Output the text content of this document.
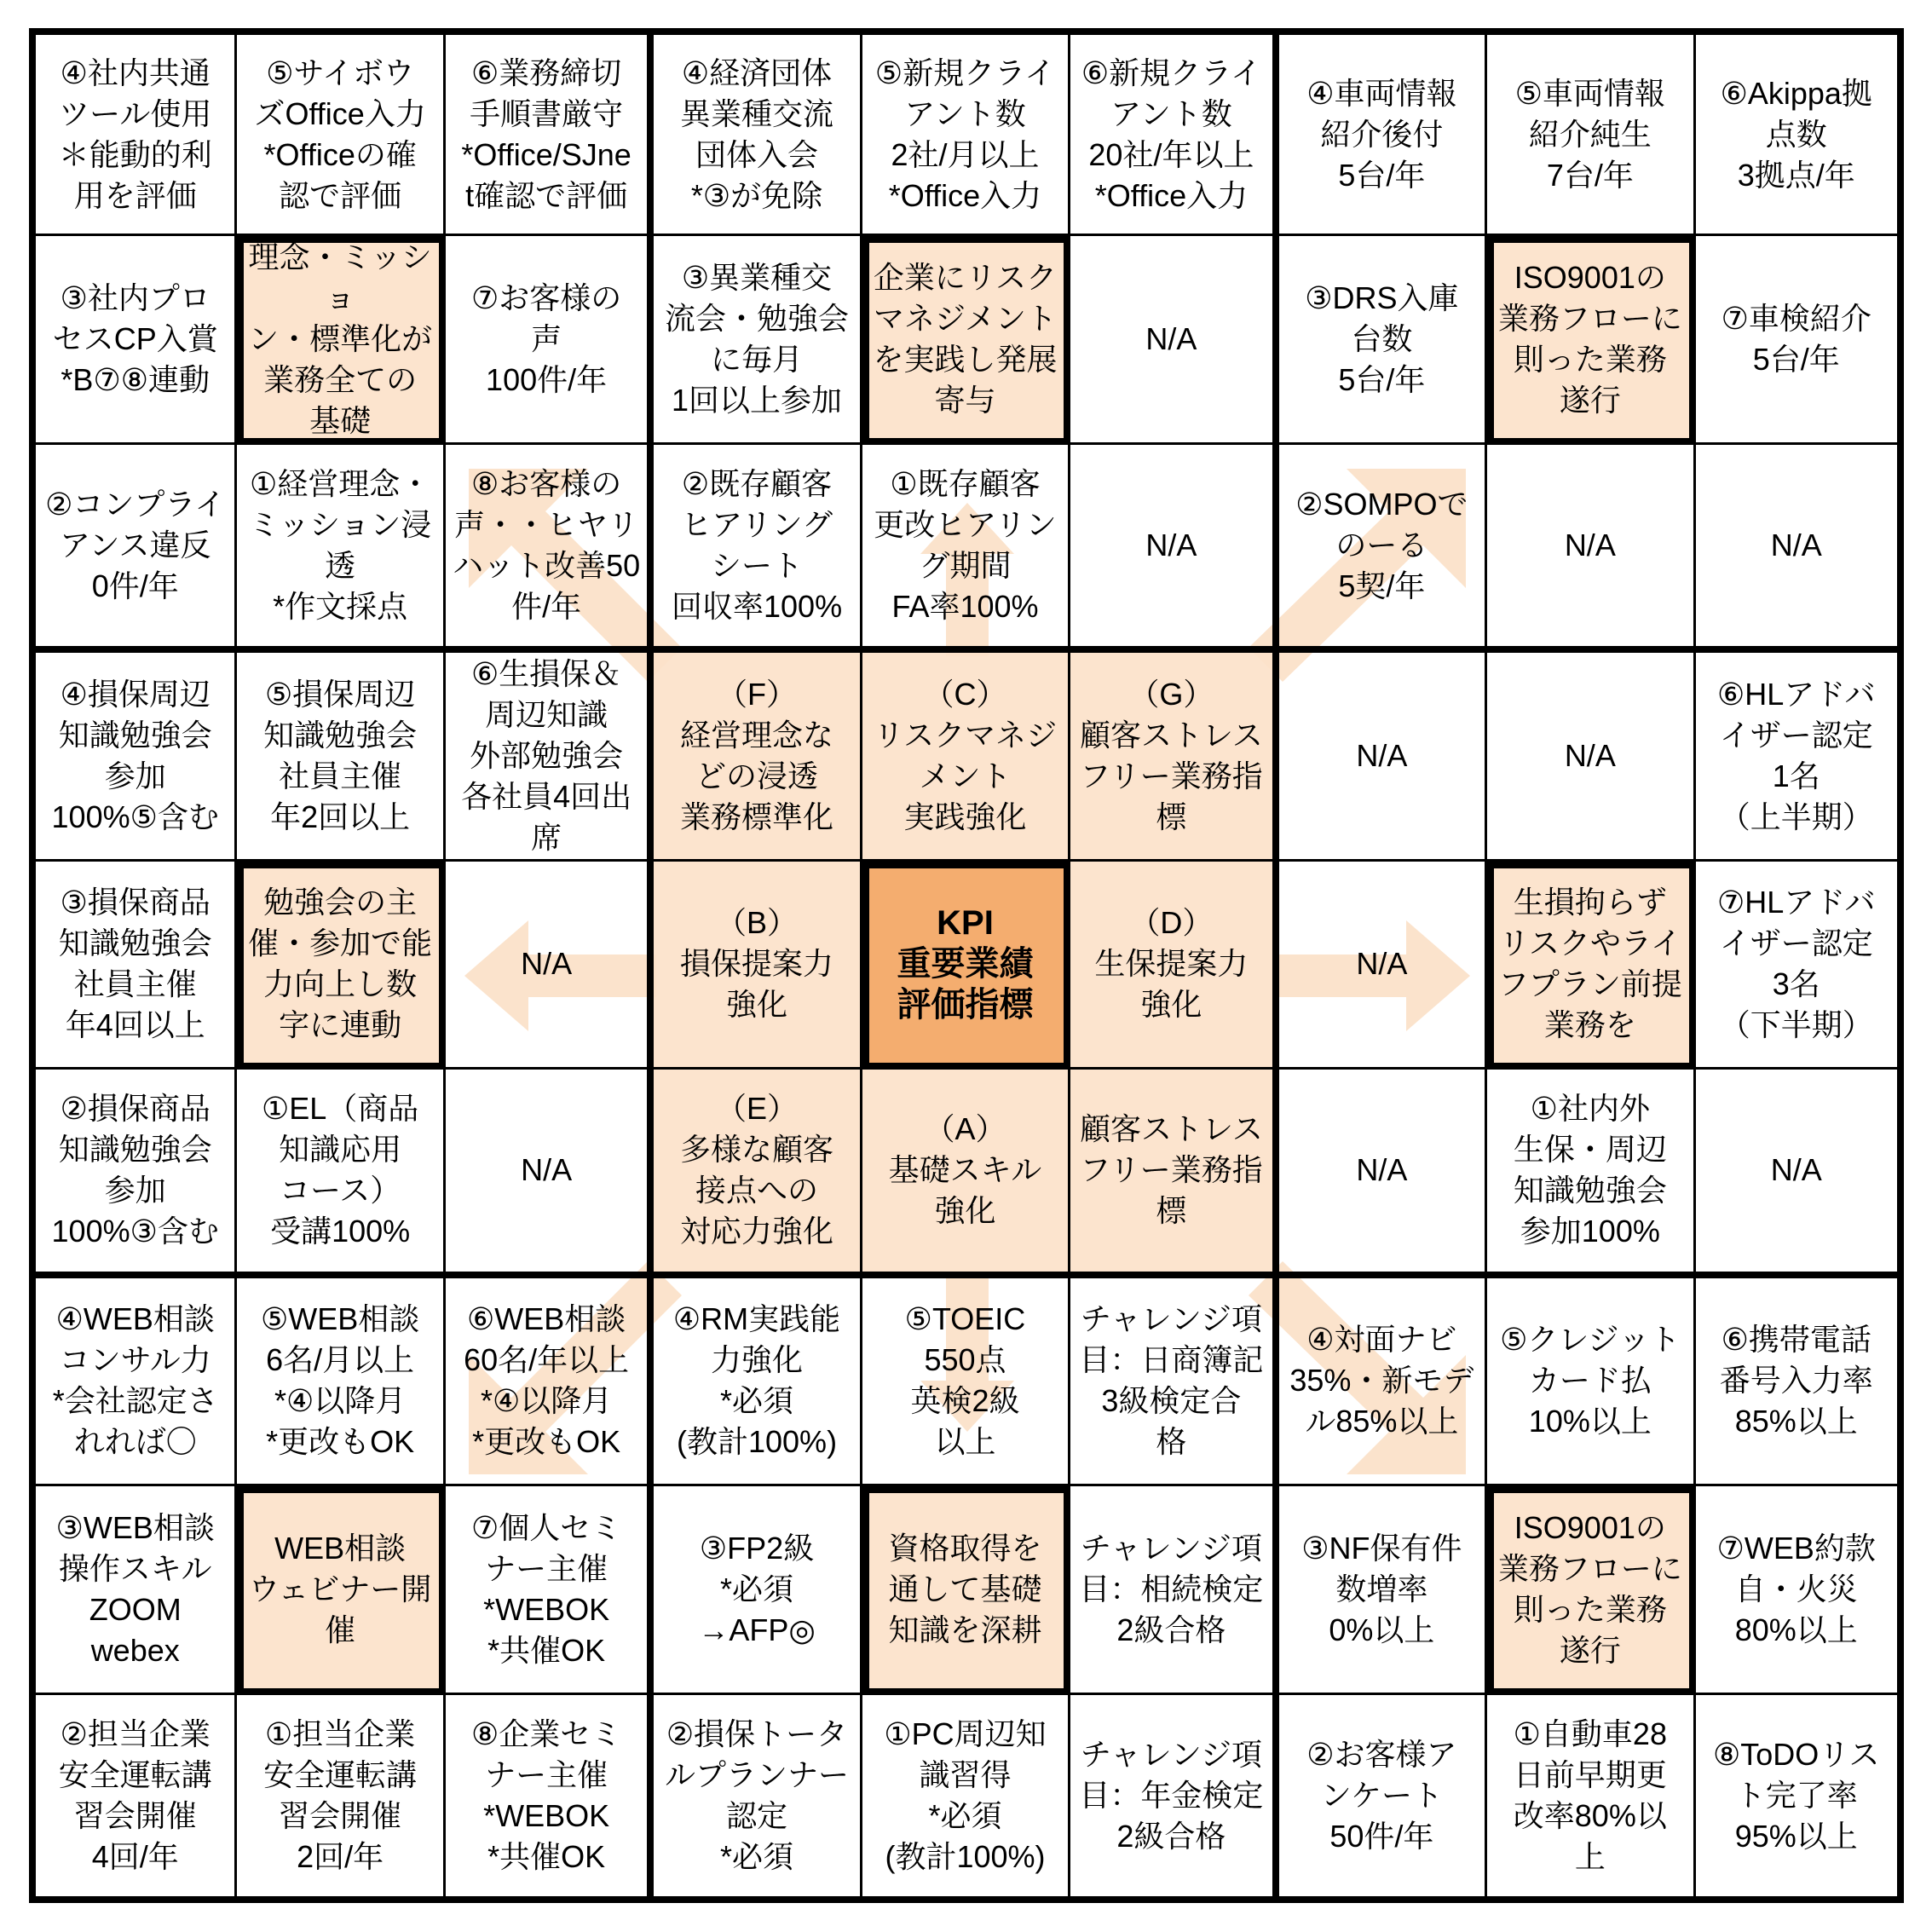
④社内共通
ツール使用
＊能動的利
用を評価
⑤サイボウ
ズOffice入力
*Officeの確
認で評価
⑥業務締切
手順書厳守
*Office/SJne
t確認で評価
④経済団体
異業種交流
団体入会
*③が免除
⑤新規クライ
アント数
2社/月以上
*Office入力
⑥新規クライ
アント数
20社/年以上
*Office入力
④車両情報
紹介後付
5台/年
⑤車両情報
紹介純生
7台/年
⑥Akippa拠
点数
3拠点/年
③社内プロ
セスCP入賞
*B⑦⑧連動
理念・ミッショ
ン・標準化が
業務全ての
基礎
⑦お客様の
声
100件/年
③異業種交
流会・勉強会
に毎月
1回以上参加
企業にリスク
マネジメント
を実践し発展
寄与
N/A
③DRS入庫
台数
5台/年
ISO9001の
業務フローに
則った業務
遂行
⑦車検紹介
5台/年
②コンプライ
アンス違反
0件/年
①経営理念・
ミッション浸
透
*作文採点
⑧お客様の
声・・ヒヤリ
ハット改善50
件/年
②既存顧客
ヒアリング
シート
回収率100%
①既存顧客
更改ヒアリン
グ期間
FA率100%
N/A
②SOMPOで
のーる
5契/年
N/A	N/A
④損保周辺
知識勉強会
参加
100%⑤含む
⑤損保周辺
知識勉強会
社員主催
年2回以上
⑥生損保＆
周辺知識
外部勉強会
各社員4回出
席
（F）
経営理念な
どの浸透
業務標準化
（C）
リスクマネジ
メント
実践強化
（G）
顧客ストレス
フリー業務指
標
N/A	N/A
⑥HLアドバ
イザー認定
1名
（上半期）
③損保商品
知識勉強会
社員主催
年4回以上
勉強会の主
催・参加で能
力向上し数
字に連動
N/A
（B）
損保提案力
強化
KPI
重要業績
評価指標
（D）
生保提案力
強化
N/A
生損拘らず
リスクやライ
フプラン前提
業務を
⑦HLアドバ
イザー認定
3名
（下半期）
②損保商品
知識勉強会
参加
100%③含む
①EL（商品
知識応用
コース）
受講100%
N/A
（E）
多様な顧客
接点への
対応力強化
（A）
基礎スキル
強化
顧客ストレス
フリー業務指
標
N/A
①社内外
生保・周辺
知識勉強会
参加100%
N/A
④WEB相談
コンサル力
*会社認定さ
れれば〇
⑤WEB相談
6名/月以上
*④以降月
*更改もOK
⑥WEB相談
60名/年以上
*④以降月
*更改もOK
④RM実践能
力強化
*必須
(教計100%)
⑤TOEIC
550点
英検2級
以上
チャレンジ項
目：日商簿記
3級検定合
格
④対面ナビ
35%・新モデ
ル85%以上
⑤クレジット
カード払
10%以上
⑥携帯電話
番号入力率
85%以上
③WEB相談
操作スキル
ZOOM
webex
WEB相談
ウェビナー開
催
⑦個人セミ
ナー主催
*WEBOK
*共催OK
③FP2級
*必須
→AFP◎
資格取得を
通して基礎
知識を深耕
チャレンジ項
目：相続検定
2級合格
③NF保有件
数増率
0%以上
ISO9001の
業務フローに
則った業務
遂行
⑦WEB約款
自・火災
80%以上
②担当企業
安全運転講
習会開催
4回/年
①担当企業
安全運転講
習会開催
2回/年
⑧企業セミ
ナー主催
*WEBOK
*共催OK
②損保トータ
ルプランナー
認定
*必須
①PC周辺知
識習得
*必須
(教計100%)
チャレンジ項
目：年金検定
2級合格
②お客様ア
ンケート
50件/年
①自動車28
日前早期更
改率80%以
上
⑧ToDOリス
ト完了率
95%以上
